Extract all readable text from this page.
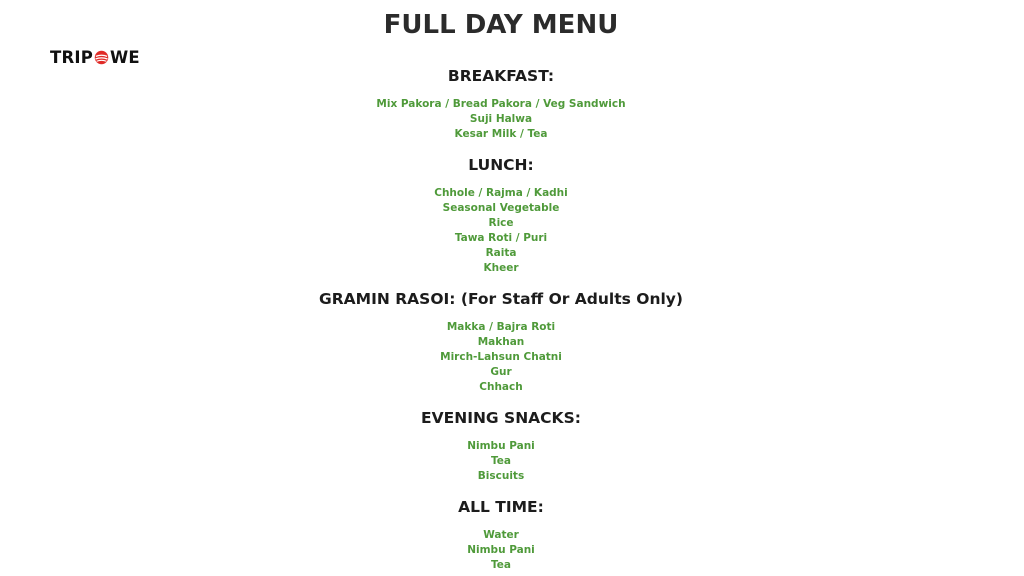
TRIP WE
FULL DAY MENU
BREAKFAST:
Mix Pakora / Bread Pakora / Veg Sandwich
Suji Halwa
Kesar Milk / Tea
LUNCH:
Chhole / Rajma / Kadhi
Seasonal Vegetable
Rice
Tawa Roti / Puri
Raita
Kheer
GRAMIN RASOI: (For Staff Or Adults Only)
Makka / Bajra Roti
Makhan
Mirch-Lahsun Chatni
Gur
Chhach
EVENING SNACKS:
Nimbu Pani
Tea
Biscuits
ALL TIME:
Water
Nimbu Pani
Tea
